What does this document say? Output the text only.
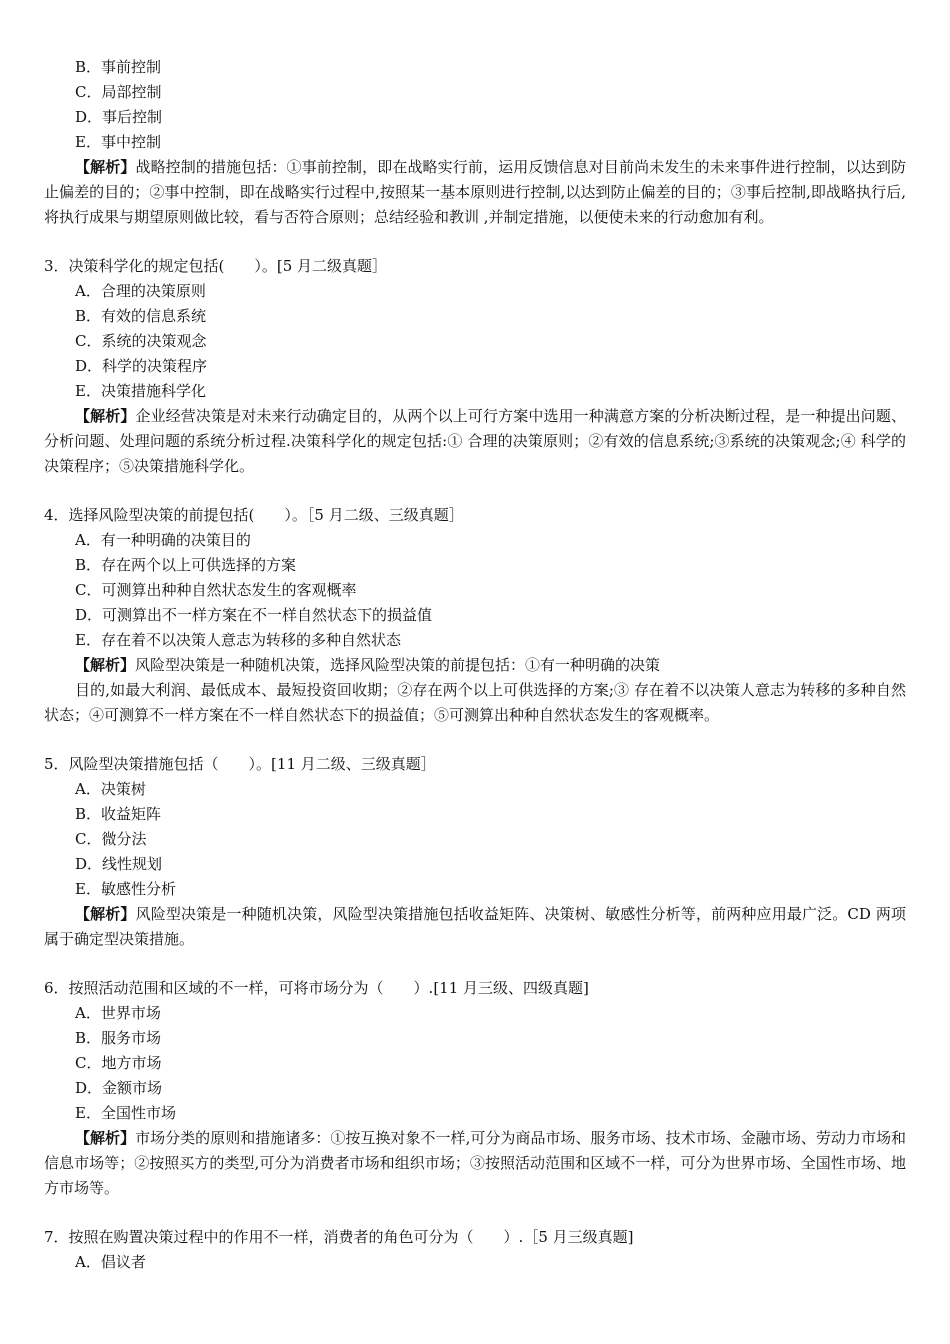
B．事前控制
C．局部控制
D．事后控制
E．事中控制

【解析】战略控制的措施包括：①事前控制，即在战略实行前，运用反馈信息对目前尚未发生的未来事件进行控制，以达到防止偏差的目的；②事中控制，即在战略实行过程中,按照某一基本原则进行控制,以达到防止偏差的目的；③事后控制,即战略执行后,将执行成果与期望原则做比较，看与否符合原则；总结经验和教训 ,并制定措施，以便使未来的行动愈加有利。

3．决策科学化的规定包括(　　）。[5 月二级真题］
A．合理的决策原则
B．有效的信息系统
C．系统的决策观念
D．科学的决策程序
E．决策措施科学化

【解析】企业经营决策是对未来行动确定目的，从两个以上可行方案中选用一种满意方案的分析决断过程，是一种提出问题、分析问题、处理问题的系统分析过程.决策科学化的规定包括:① 合理的决策原则；②有效的信息系统;③系统的决策观念;④ 科学的决策程序；⑤决策措施科学化。

4．选择风险型决策的前提包括(　　）。［5 月二级、三级真题］
A．有一种明确的决策目的
B．存在两个以上可供选择的方案
C．可测算出种种自然状态发生的客观概率
D．可测算出不一样方案在不一样自然状态下的损益值
E．存在着不以决策人意志为转移的多种自然状态

【解析】风险型决策是一种随机决策，选择风险型决策的前提包括：①有一种明确的决策

目的,如最大利润、最低成本、最短投资回收期；②存在两个以上可供选择的方案;③ 存在着不以决策人意志为转移的多种自然状态；④可测算不一样方案在不一样自然状态下的损益值；⑤可测算出种种自然状态发生的客观概率。

5．风险型决策措施包括（　　）。[11 月二级、三级真题］
A．决策树
B．收益矩阵
C．微分法
D．线性规划
E．敏感性分析

【解析】风险型决策是一种随机决策，风险型决策措施包括收益矩阵、决策树、敏感性分析等，前两种应用最广泛。CD 两项属于确定型决策措施。

6．按照活动范围和区域的不一样，可将市场分为（　　）.[11 月三级、四级真题]
A．世界市场
B．服务市场
C．地方市场
D．金额市场
E．全国性市场

【解析】市场分类的原则和措施诸多：①按互换对象不一样,可分为商品市场、服务市场、技术市场、金融市场、劳动力市场和信息市场等；②按照买方的类型,可分为消费者市场和组织市场；③按照活动范围和区域不一样，可分为世界市场、全国性市场、地方市场等。

7．按照在购置决策过程中的作用不一样，消费者的角色可分为（　　）.［5 月三级真题]
A．倡议者
